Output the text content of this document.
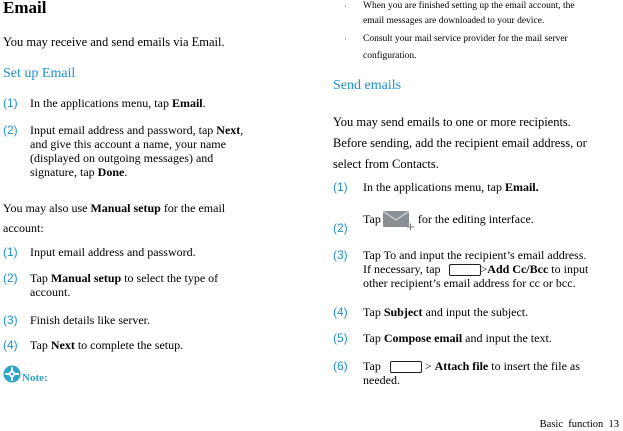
Email
You may receive and send emails via Email.
Set up Email
(1) In the applications menu, tap Email.
(2) Input email address and password, tap Next,
and give this account a name, your name
(displayed on outgoing messages) and
signature, tap Done.
You may also use Manual setup for the email
account:
(1) Input email address and password.
(2) Tap Manual setup to select the type of
account.
(3) Finish details like server.
(4) Tap Next to complete the setup.
Note:
· When you are finished setting up the email account, the
email messages are downloaded to your device.
· Consult your mail service provider for the mail server
configuration.
Send emails
You may send emails to one or more recipients.
Before sending, add the recipient email address, or
select from Contacts.
(1) In the applications menu, tap Email.
(2)
Tap	for the editing interface.
(3) Tap To and input the recipient’s email address.
If necessary, tap	>Add Cc/Bcc to input
other recipient’s email address for cc or bcc.
(4) Tap Subject and input the subject.
(5) Tap Compose email and input the text.
(6) Tap	> Attach file to insert the file as
needed.
Basic  function  13
